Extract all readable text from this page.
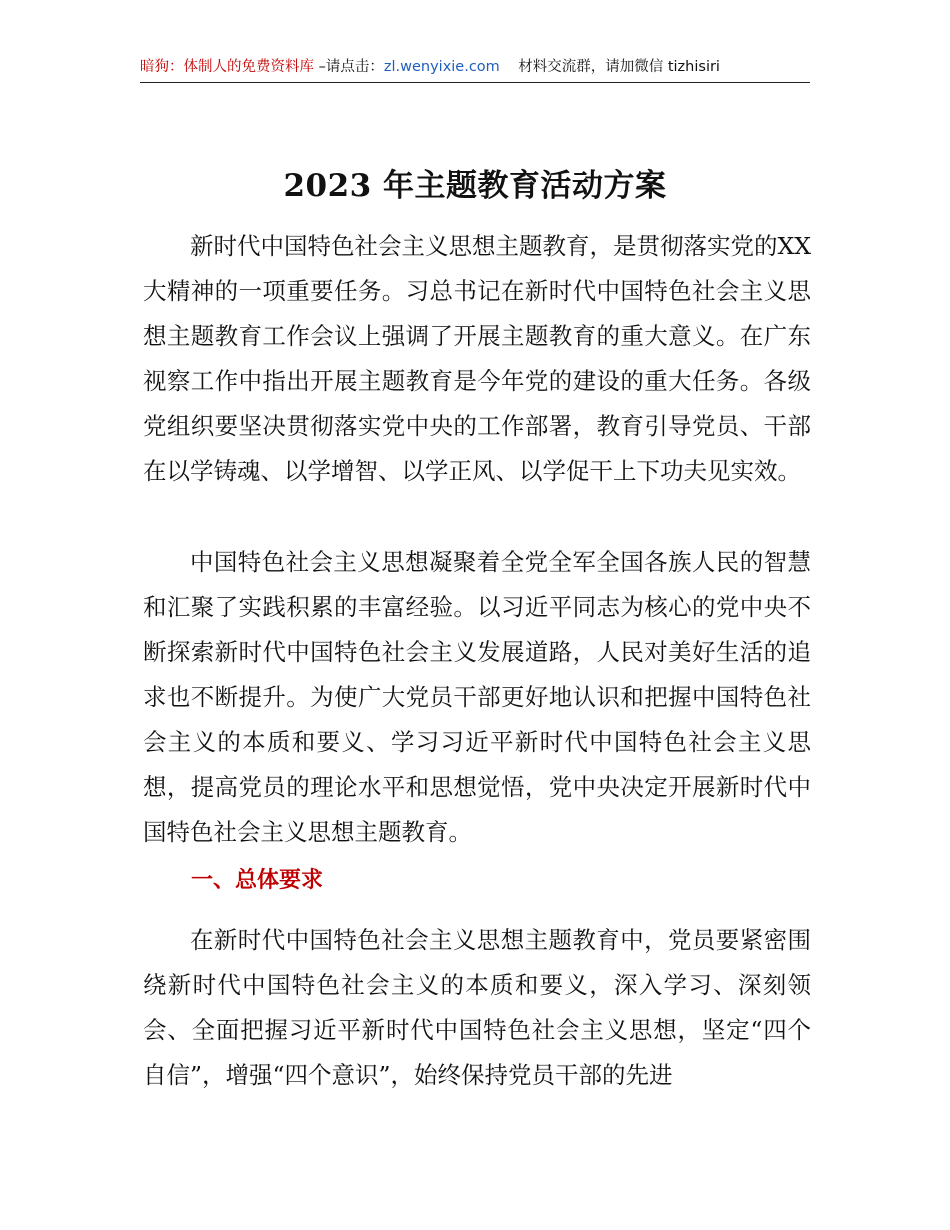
暗狗：体制人的免费资料库 –请点击：zl.wenyixie.com 材料交流群，请加微信 tizhisiri
2023 年主题教育活动方案

新时代中国特色社会主义思想主题教育，是贯彻落实党的XX大精神的一项重要任务。习总书记在新时代中国特色社会主义思想主题教育工作会议上强调了开展主题教育的重大意义。在广东视察工作中指出开展主题教育是今年党的建设的重大任务。各级党组织要坚决贯彻落实党中央的工作部署，教育引导党员、干部在以学铸魂、以学增智、以学正风、以学促干上下功夫见实效。

中国特色社会主义思想凝聚着全党全军全国各族人民的智慧和汇聚了实践积累的丰富经验。以习近平同志为核心的党中央不断探索新时代中国特色社会主义发展道路，人民对美好生活的追求也不断提升。为使广大党员干部更好地认识和把握中国特色社会主义的本质和要义、学习习近平新时代中国特色社会主义思想，提高党员的理论水平和思想觉悟，党中央决定开展新时代中国特色社会主义思想主题教育。

一、总体要求

在新时代中国特色社会主义思想主题教育中，党员要紧密围绕新时代中国特色社会主义的本质和要义，深入学习、深刻领会、全面把握习近平新时代中国特色社会主义思想，坚定“四个自信”，增强“四个意识”，始终保持党员干部的先进
